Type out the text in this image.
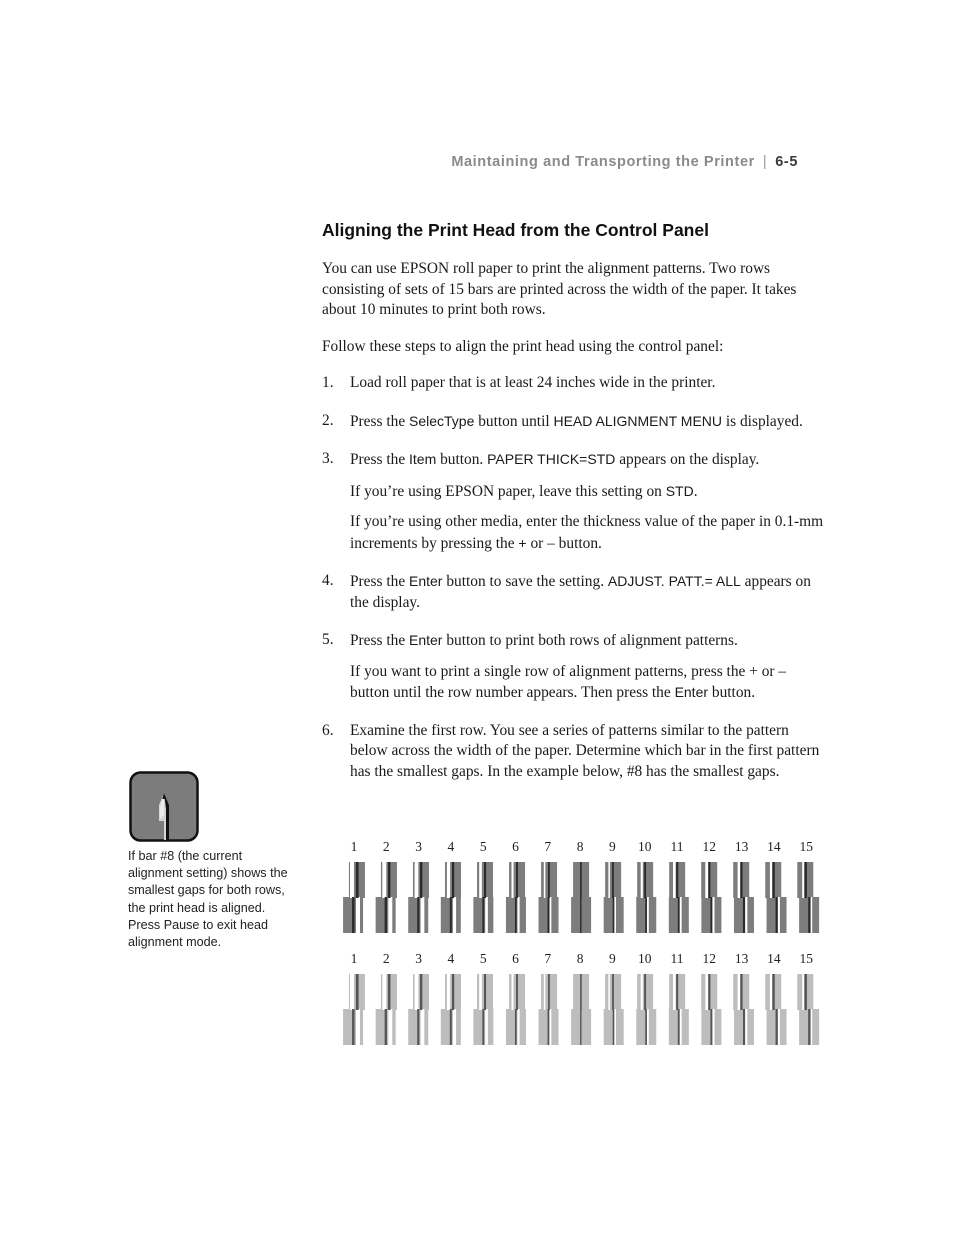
Maintaining and Transporting the Printer | 6-5
Aligning the Print Head from the Control Panel

You can use EPSON roll paper to print the alignment patterns. Two rows consisting of sets of 15 bars are printed across the width of the paper. It takes about 10 minutes to print both rows.

Follow these steps to align the print head using the control panel:

1. Load roll paper that is at least 24 inches wide in the printer.

2. Press the SelecType button until HEAD ALIGNMENT MENU is displayed.

3. Press the Item button. PAPER THICK=STD appears on the display.

If you’re using EPSON paper, leave this setting on STD.

If you’re using other media, enter the thickness value of the paper in 0.1-mm increments by pressing the + or – button.

4. Press the Enter button to save the setting. ADJUST. PATT.= ALL appears on the display.

5. Press the Enter button to print both rows of alignment patterns.

If you want to print a single row of alignment patterns, press the + or – button until the row number appears. Then press the Enter button.

6. Examine the first row. You see a series of patterns similar to the pattern below across the width of the paper. Determine which bar in the first pattern has the smallest gaps. In the example below, #8 has the smallest gaps.

If bar #8 (the current alignment setting) shows the smallest gaps for both rows, the print head is aligned. Press Pause to exit head alignment mode.
1 2 3 4 5 6 7 8 9 10 11 12 13 14 15
1 2 3 4 5 6 7 8 9 10 11 12 13 14 15
